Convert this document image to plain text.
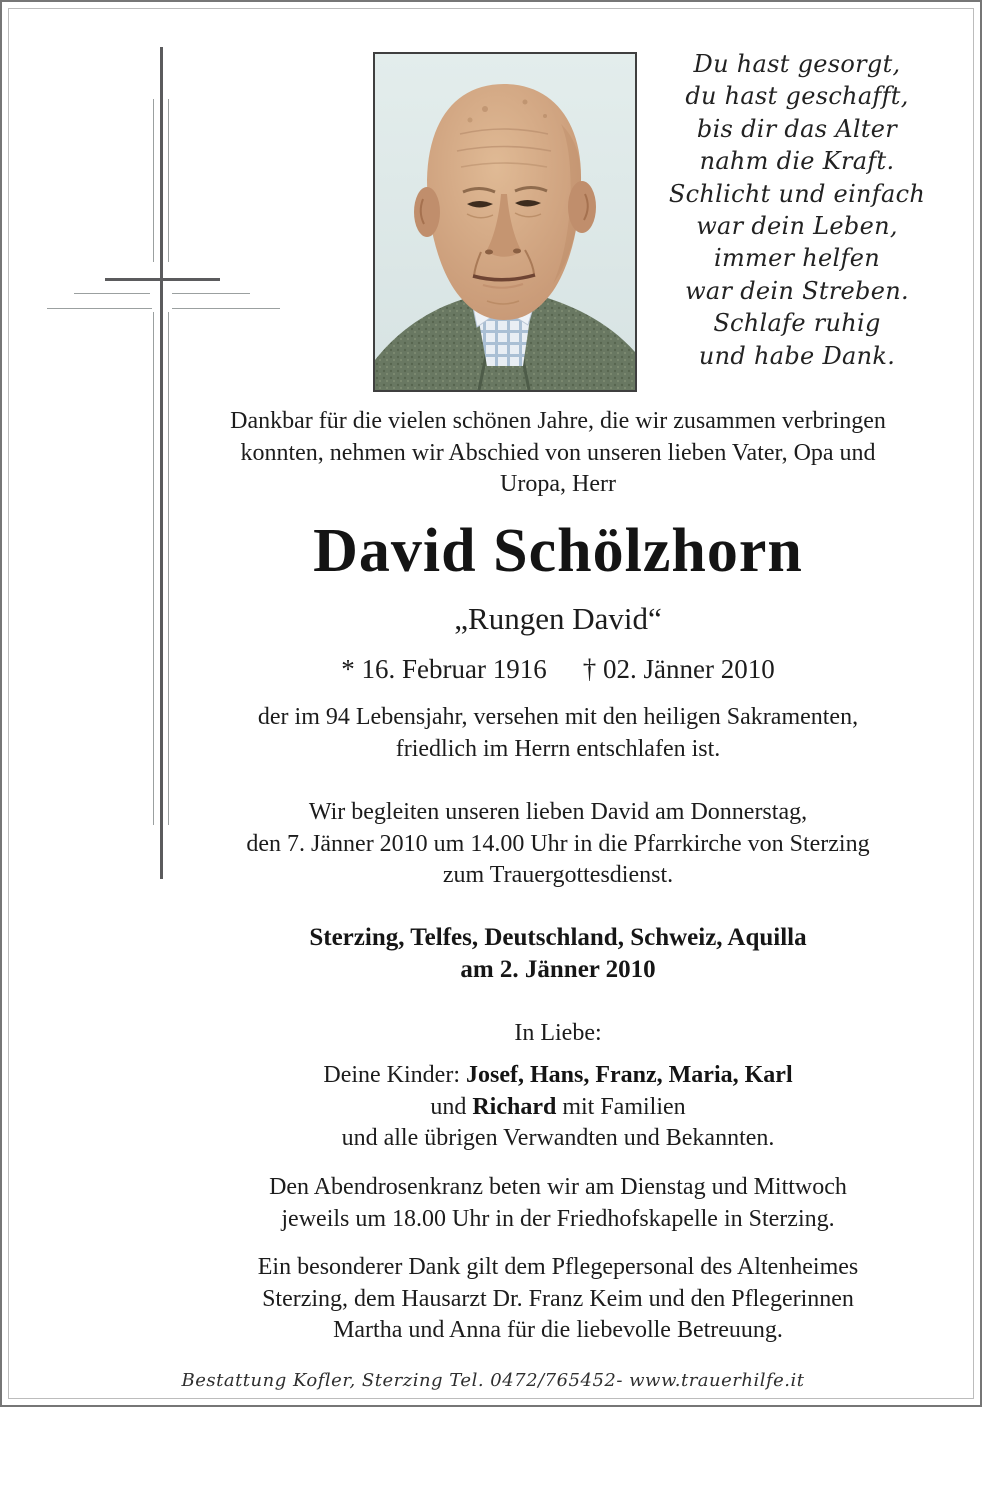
Du hast gesorgt,
du hast geschafft,
bis dir das Alter
nahm die Kraft.
Schlicht und einfach
war dein Leben,
immer helfen
war dein Streben.
Schlafe ruhig
und habe Dank.
Dankbar für die vielen schönen Jahre, die wir zusammen verbringen
konnten, nehmen wir Abschied von unseren lieben Vater, Opa und
Uropa, Herr
David Schölzhorn
„Rungen David“
* 16. Februar 1916 † 02. Jänner 2010
der im 94 Lebensjahr, versehen mit den heiligen Sakramenten,
friedlich im Herrn entschlafen ist.
Wir begleiten unseren lieben David am Donnerstag,
den 7. Jänner 2010 um 14.00 Uhr in die Pfarrkirche von Sterzing
zum Trauergottesdienst.
Sterzing, Telfes, Deutschland, Schweiz, Aquilla
am 2. Jänner 2010
In Liebe:
Deine Kinder: Josef, Hans, Franz, Maria, Karl
und Richard mit Familien
und alle übrigen Verwandten und Bekannten.
Den Abendrosenkranz beten wir am Dienstag und Mittwoch
jeweils um 18.00 Uhr in der Friedhofskapelle in Sterzing.
Ein besonderer Dank gilt dem Pflegepersonal des Altenheimes
Sterzing, dem Hausarzt Dr. Franz Keim und den Pflegerinnen
Martha und Anna für die liebevolle Betreuung.
Bestattung Kofler, Sterzing Tel. 0472/765452- www.trauerhilfe.it
